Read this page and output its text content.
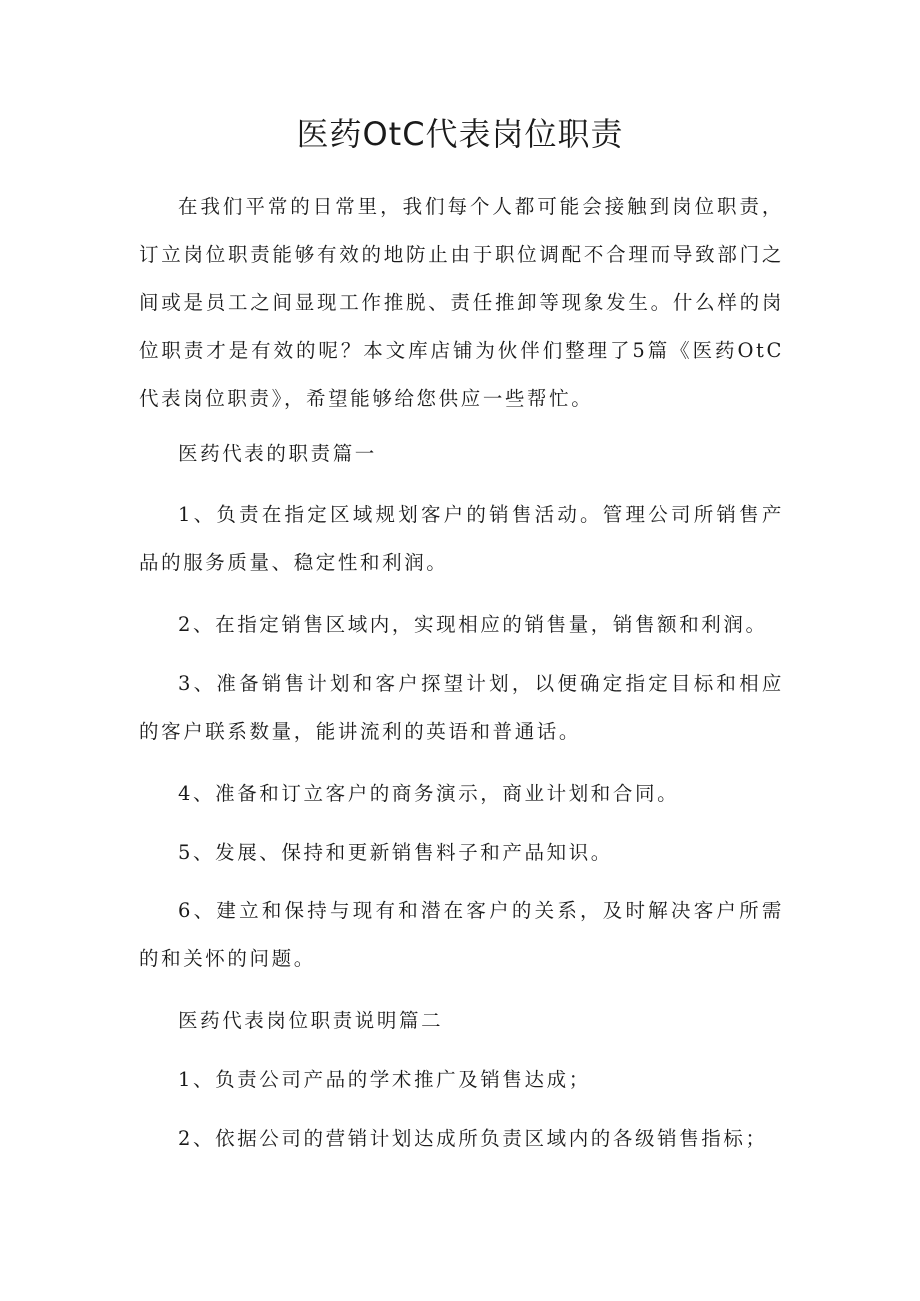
医药OtC代表岗位职责

在我们平常的日常里，我们每个人都可能会接触到岗位职责，订立岗位职责能够有效的地防止由于职位调配不合理而导致部门之间或是员工之间显现工作推脱、责任推卸等现象发生。什么样的岗位职责才是有效的呢？本文库店铺为伙伴们整理了5篇《医药OtC代表岗位职责》，希望能够给您供应一些帮忙。

医药代表的职责篇一

1、负责在指定区域规划客户的销售活动。管理公司所销售产品的服务质量、稳定性和利润。

2、在指定销售区域内，实现相应的销售量，销售额和利润。

3、准备销售计划和客户探望计划，以便确定指定目标和相应的客户联系数量，能讲流利的英语和普通话。

4、准备和订立客户的商务演示，商业计划和合同。

5、发展、保持和更新销售料子和产品知识。

6、建立和保持与现有和潜在客户的关系，及时解决客户所需的和关怀的问题。

医药代表岗位职责说明篇二

1、负责公司产品的学术推广及销售达成；

2、依据公司的营销计划达成所负责区域内的各级销售指标；
